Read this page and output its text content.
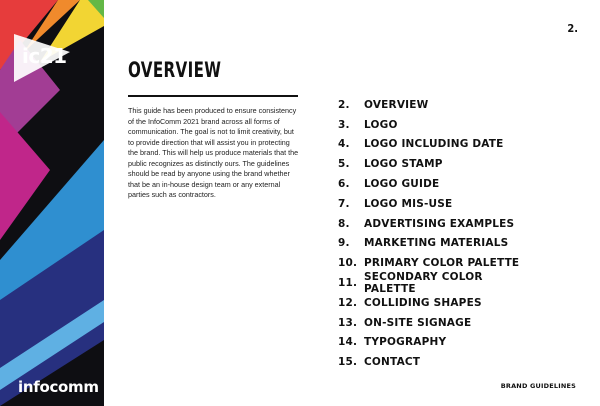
ic21
infocomm
2.
OVERVIEW
This guide has been produced to ensure consistency
of the InfoComm 2021 brand across all forms of
communication. The goal is not to limit creativity, but
to provide direction that will assist you in protecting
the brand. This will help us produce materials that the
public recognizes as distinctly ours. The guidelines
should be read by anyone using the brand whether
that be an in-house design team or any external
parties such as contractors.
2.	OVERVIEW
3.	LOGO
4.	LOGO INCLUDING DATE
5.	LOGO STAMP
6.	LOGO GUIDE
7.	LOGO MIS-USE
8.	ADVERTISING EXAMPLES
9.	MARKETING MATERIALS
10. PRIMARY COLOR PALETTE
11. SECONDARY COLOR PALETTE
12. COLLIDING SHAPES
13. ON-SITE SIGNAGE
14. TYPOGRAPHY
15. CONTACT
BRAND GUIDELINES
